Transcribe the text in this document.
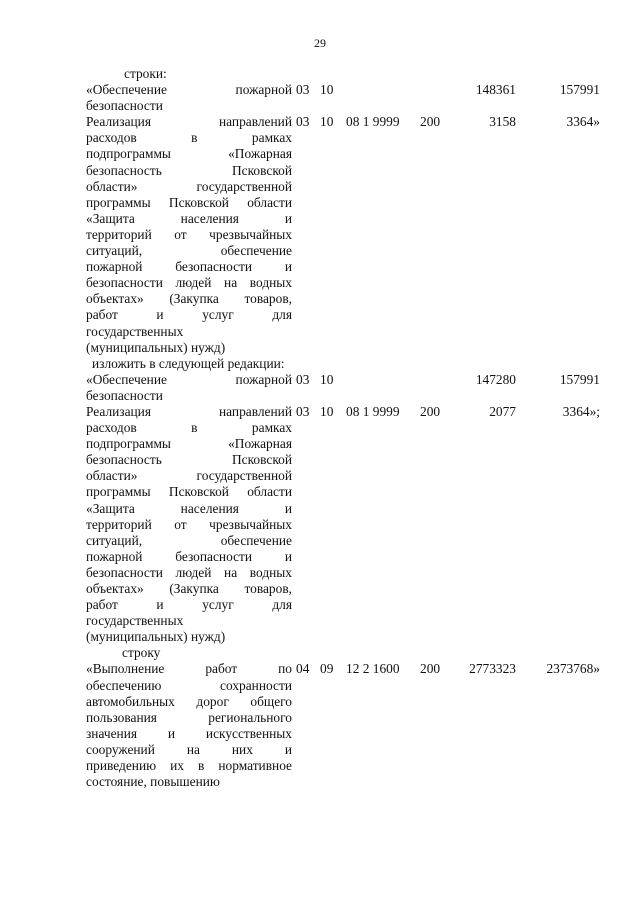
29
строки:
«Обеспечение пожарной
безопасности
03 10	148361	157991
Реализация направлений
расходов в рамках
подпрограммы «Пожарная
безопасность Псковской
области» государственной
программы Псковской области
«Защита населения и
территорий от чрезвычайных
ситуаций, обеспечение
пожарной безопасности и
безопасности людей на водных
объектах» (Закупка товаров,
работ и услуг для
государственных
(муниципальных) нужд)
03 10 08 1 9999	200	3158	3364»
изложить в следующей редакции:
«Обеспечение пожарной
безопасности
03 10	147280	157991
Реализация направлений
расходов в рамках
подпрограммы «Пожарная
безопасность Псковской
области» государственной
программы Псковской области
«Защита населения и
территорий от чрезвычайных
ситуаций, обеспечение
пожарной безопасности и
безопасности людей на водных
объектах» (Закупка товаров,
работ и услуг для
государственных
(муниципальных) нужд)
03 10 08 1 9999	200	2077	3364»;
строку
«Выполнение работ по
обеспечению сохранности
автомобильных дорог общего
пользования регионального
значения и искусственных
сооружений на них и
приведению их в нормативное
состояние, повышению
04 09 12 2 1600	200	2773323	2373768»
